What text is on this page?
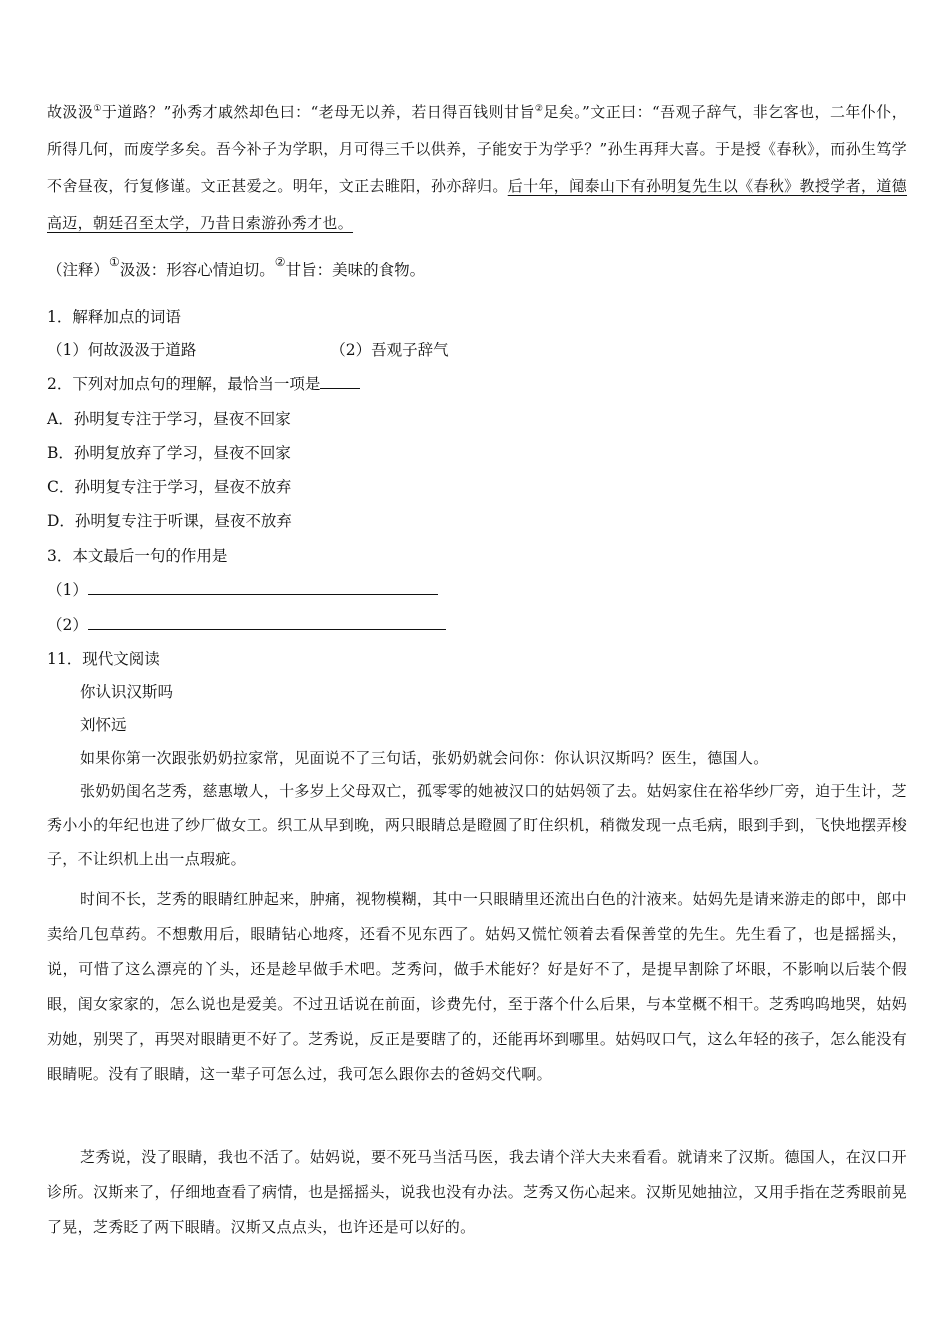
故汲汲①于道路？”孙秀才戚然却色曰：“老母无以养，若日得百钱则甘旨②足矣。”文正曰：“吾观子辞气，非乞客也，二年仆仆，所得几何，而废学多矣。吾今补子为学职，月可得三千以供养，子能安于为学乎？”孙生再拜大喜。于是授《春秋》，而孙生笃学不舍昼夜，行复修谨。文正甚爱之。明年，文正去睢阳，孙亦辞归。后十年，闻泰山下有孙明复先生以《春秋》教授学者，道德高迈，朝廷召至太学，乃昔日索游孙秀才也。
（注释）①汲汲：形容心情迫切。②甘旨：美味的食物。
1．解释加点的词语
（1）何故汲汲于道路	（2）吾观子辞气
2．下列对加点句的理解，最恰当一项是
A．孙明复专注于学习，昼夜不回家
B．孙明复放弃了学习，昼夜不回家
C．孙明复专注于学习，昼夜不放弃
D．孙明复专注于听课，昼夜不放弃
3．本文最后一句的作用是
（1）
（2）
11．现代文阅读
你认识汉斯吗
刘怀远
如果你第一次跟张奶奶拉家常，见面说不了三句话，张奶奶就会问你：你认识汉斯吗？医生，德国人。
张奶奶闺名芝秀，慈惠墩人，十多岁上父母双亡，孤零零的她被汉口的姑妈领了去。姑妈家住在裕华纱厂旁，迫于生计，芝秀小小的年纪也进了纱厂做女工。织工从早到晚，两只眼睛总是瞪圆了盯住织机，稍微发现一点毛病，眼到手到，飞快地摆弄梭子，不让织机上出一点瑕疵。
时间不长，芝秀的眼睛红肿起来，肿痛，视物模糊，其中一只眼睛里还流出白色的汁液来。姑妈先是请来游走的郎中，郎中卖给几包草药。不想敷用后，眼睛钻心地疼，还看不见东西了。姑妈又慌忙领着去看保善堂的先生。先生看了，也是摇摇头，说，可惜了这么漂亮的丫头，还是趁早做手术吧。芝秀问，做手术能好？好是好不了，是提早割除了坏眼，不影响以后装个假眼，闺女家家的，怎么说也是爱美。不过丑话说在前面，诊费先付，至于落个什么后果，与本堂概不相干。芝秀呜呜地哭，姑妈劝她，别哭了，再哭对眼睛更不好了。芝秀说，反正是要瞎了的，还能再坏到哪里。姑妈叹口气，这么年轻的孩子，怎么能没有眼睛呢。没有了眼睛，这一辈子可怎么过，我可怎么跟你去的爸妈交代啊。
芝秀说，没了眼睛，我也不活了。姑妈说，要不死马当活马医，我去请个洋大夫来看看。就请来了汉斯。德国人，在汉口开诊所。汉斯来了，仔细地查看了病情，也是摇摇头，说我也没有办法。芝秀又伤心起来。汉斯见她抽泣，又用手指在芝秀眼前晃了晃，芝秀眨了两下眼睛。汉斯又点点头，也许还是可以好的。
